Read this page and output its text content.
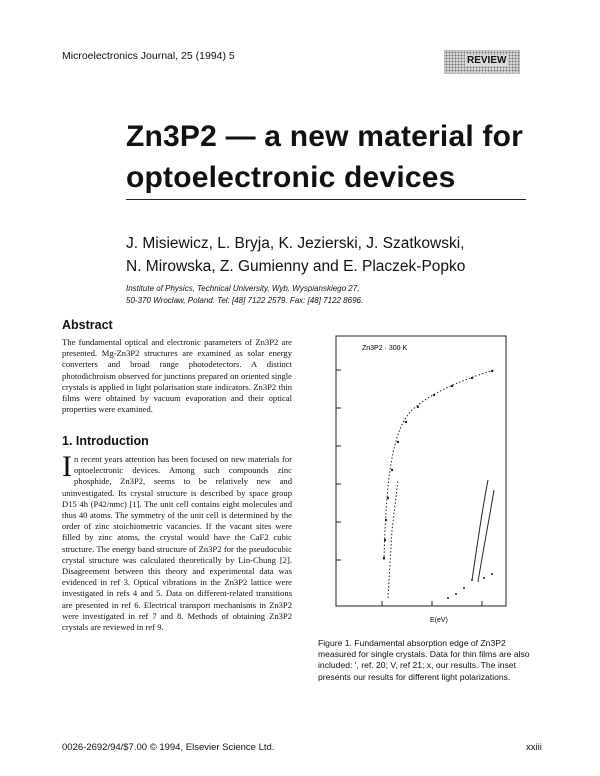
Microelectronics Journal, 25 (1994) 5	REVIEW
Zn3P2 — a new material for
optoelectronic devices
J. Misiewicz, L. Bryja, K. Jezierski, J. Szatkowski,
N. Mirowska, Z. Gumienny and E. Placzek-Popko
Institute of Physics, Technical University, Wyb. Wyspianskiego 27,
50-370 Wroclaw, Poland. Tel: [48] 7122 2579. Fax: [48] 7122 8696.
Abstract
The fundamental optical and electronic parameters of Zn3P2 are presented. Mg-Zn3P2 structures are examined as solar energy converters and broad range photodetectors. A distinct photodichroism observed for junctions prepared on oriented single crystals is applied in light polarisation state indicators. Zn3P2 thin films were obtained by vacuum evaporation and their optical properties were examined.
1. Introduction
In recent years attention has been focused on new materials for optoelectronic devices. Among such compounds zinc phosphide, Zn3P2, seems to be relatively new and uninvestigated. Its crystal structure is described by space group D15 4h (P42/nmc) [1]. The unit cell contains eight molecules and thus 40 atoms. The symmetry of the unit cell is determined by the order of zinc stoichiometric vacancies. If the vacant sites were filled by zinc atoms, the crystal would have the CaF2 cubic structure. The energy band structure of Zn3P2 for the pseudocubic crystal structure was calculated theoretically by Lin-Chung [2]. Disagreement between this theory and experimental data was evidenced in ref 3. Optical vibrations in the Zn3P2 lattice were investigated in refs 4 and 5. Data on different-related transitions are presented in ref 6. Electrical transport mechanisms in Zn3P2 were investigated in ref 7 and 8. Methods of obtaining Zn3P2 crystals are reviewed in ref 9.
Zn3P2 · 300 K
E(eV)
Figure 1. Fundamental absorption edge of Zn3P2 measured for single crystals. Data for thin films are also included: ', ref. 20; V, ref 21; x, our results. The inset presents our results for different light polarizations.
0026-2692/94/$7.00 © 1994, Elsevier Science Ltd.	xxiii
